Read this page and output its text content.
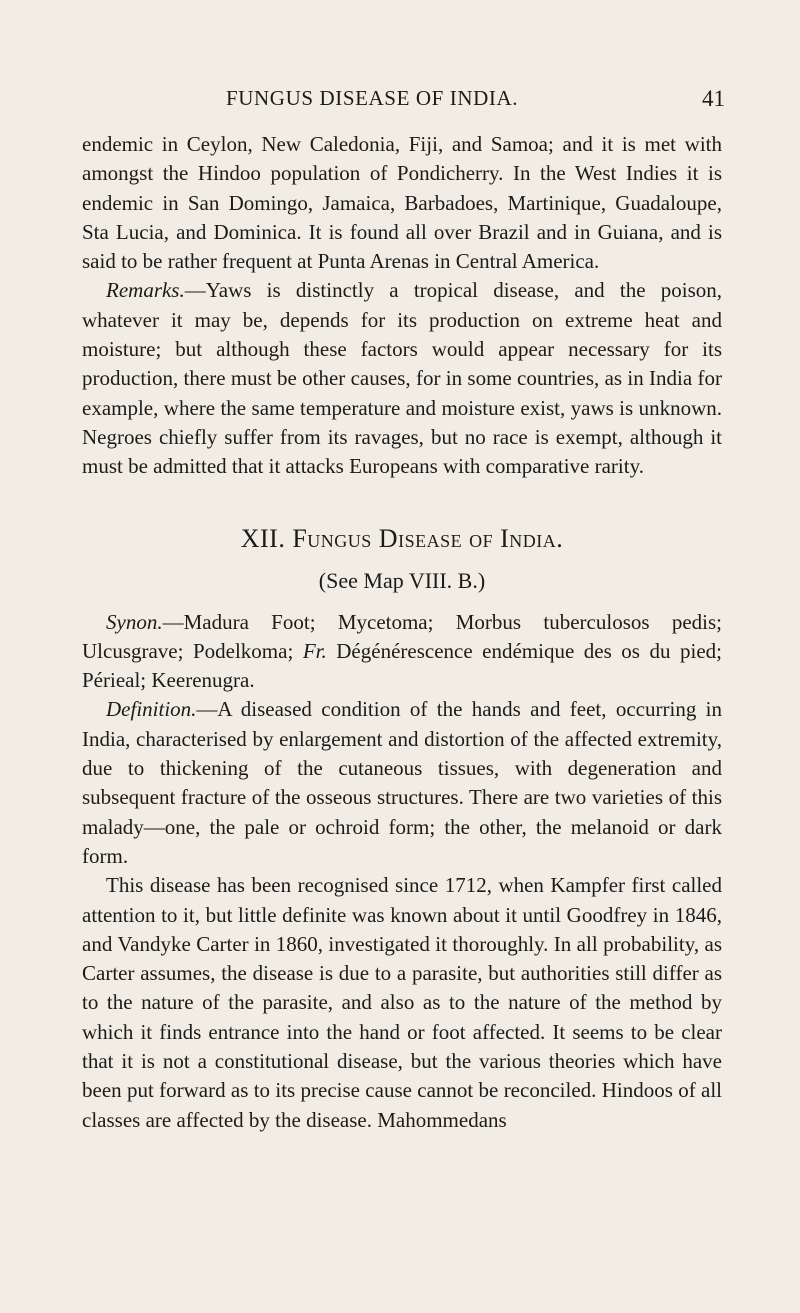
FUNGUS DISEASE OF INDIA.	41

endemic in Ceylon, New Caledonia, Fiji, and Samoa; and it is met with amongst the Hindoo population of Pondicherry. In the West Indies it is endemic in San Domingo, Jamaica, Barbadoes, Martinique, Guadaloupe, Sta Lucia, and Dominica. It is found all over Brazil and in Guiana, and is said to be rather frequent at Punta Arenas in Central America.

Remarks.—Yaws is distinctly a tropical disease, and the poison, whatever it may be, depends for its production on extreme heat and moisture; but although these factors would appear necessary for its production, there must be other causes, for in some countries, as in India for example, where the same temperature and moisture exist, yaws is unknown. Negroes chiefly suffer from its ravages, but no race is exempt, although it must be admitted that it attacks Europeans with comparative rarity.

XII. Fungus Disease of India.
(See Map VIII. B.)

Synon.—Madura Foot; Mycetoma; Morbus tuberculosos pedis; Ulcusgrave; Podelkoma; Fr. Dégénérescence endémique des os du pied; Périeal; Keerenugra.

Definition.—A diseased condition of the hands and feet, occurring in India, characterised by enlargement and distortion of the affected extremity, due to thickening of the cutaneous tissues, with degeneration and subsequent fracture of the osseous structures. There are two varieties of this malady—one, the pale or ochroid form; the other, the melanoid or dark form.

This disease has been recognised since 1712, when Kampfer first called attention to it, but little definite was known about it until Goodfrey in 1846, and Vandyke Carter in 1860, investigated it thoroughly. In all probability, as Carter assumes, the disease is due to a parasite, but authorities still differ as to the nature of the parasite, and also as to the nature of the method by which it finds entrance into the hand or foot affected. It seems to be clear that it is not a constitutional disease, but the various theories which have been put forward as to its precise cause cannot be reconciled. Hindoos of all classes are affected by the disease. Mahommedans
